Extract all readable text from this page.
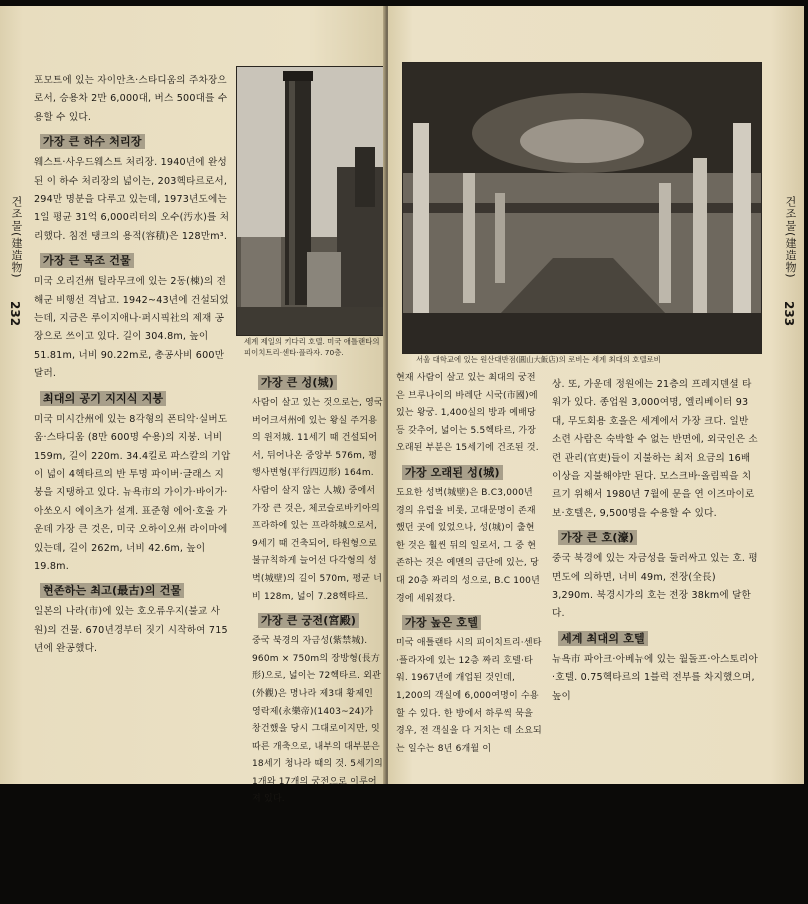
건조물(建造物)
232

포모트에 있는 자이안츠·스타디움의 주차장으로서, 승용차 2만 6,000대, 버스 500대를 수용할 수 있다.

가장 큰 하수 처리장

웨스트·사우드웨스트 처리장. 1940년에 완성된 이 하수 처리장의 넓이는, 203헥타르로서, 294만 명분을 다루고 있는데, 1973년도에는 1일 평균 31억 6,000리터의 오수(汚水)를 처리했다. 침전 탱크의 용적(容積)은 128만m³.

가장 큰 목조 건물

미국 오리건州 틸라무크에 있는 2동(棟)의 전 해군 비행선 격납고. 1942~43년에 건설되었는데, 지금은 루이지애나·퍼시픽社의 제재 공장으로 쓰이고 있다. 길이 304.8m, 높이 51.81m, 너비 90.22m로, 총공사비 600만달러.

최대의 공기 지지식 지붕

미국 미시간州에 있는 8각형의 폰티악·실버도움·스타디움 (8만 600명 수용)의 지붕. 너비 159m, 길이 220m. 34.4킬로 파스칼의 기압이 넓이 4헥타르의 반 투명 파이버·글래스 지붕을 지탱하고 있다. 뉴욕市의 가이가·바이가·아쏘오시 에이츠가 설계. 표준형 에어·호울 가운데 가장 큰 것은, 미국 오하이오州 라이마에 있는데, 길이 262m, 너비 42.6m, 높이 19.8m.

현존하는 최고(最古)의 건물

일본의 나라(市)에 있는 호오류우지(불교 사원)의 건물. 670년경부터 짓기 시작하여 715년에 완공했다.

세계 제일의 키다리 호텔. 미국 애틀랜타의 피이치트리·센타·플라자. 70층.
가장 큰 성(城)

사람이 살고 있는 것으로는, 영국 버어크셔州에 있는 왕실 주거용의 윈저城. 11세기 때 건설되어서, 뒤어나온 중앙부 576m, 평행사변형(平行四辺形) 164m. 사람이 살지 않는 人城) 중에서 가장 큰 것은, 체코슬로바키아의 프라하에 있는 프라하城으로서, 9세기 때 건축되어, 타원형으로 불규칙하게 늘어선 다각형의 성벽(城壁)의 길이 570m, 평균 너비 128m, 넓이 7.28헥타르.

가장 큰 궁전(宮殿)

중국 북경의 자금성(紫禁城). 960m × 750m의 장방형(長方形)으로, 넓이는 72헥타르. 외관(外觀)은 명나라 제3대 황제인 영락제(永樂帝)(1403~24)가 창건했을 당시 그대로이지만, 잇따른 개축으로, 내부의 대부분은 18세기 청나라 때의 것. 5세기의 1개와 17개의 궁전으로 이루어져 있다.

건조물(建造物)
233
서울 대학교에 있는 원산대반점(圓山大飯店)의 로비는 세계 최대의 호텔로비

현재 사람이 살고 있는 최대의 궁전은 브루나이의 바레단 시국(市國)에 있는 왕궁. 1,400실의 방과 예배당 등 갖추어, 넓이는 5.5헥타르, 가장 오래된 부분은 15세기에 건조된 것.

가장 오래된 성(城)

도요한 성벽(城壁)은 B.C3,000년 경의 유럽을 비롯, 고대문명이 존재했던 곳에 있었으나, 성(城)이 출현한 것은 훨씬 뒤의 일로서, 그 중 현존하는 것은 예멘의 금단에 있는, 당대 20층 짜리의 성으로, B.C 100년경에 세워졌다.

가장 높은 호텔

미국 애틀랜타 시의 피이치트리·센타·플라자에 있는 12층 짜리 호텔·타워. 1967년에 개업된 것인데, 1,200의 객실에 6,000여명이 수용할 수 있다. 한 방에서 하루씩 묵을 경우, 전 객실을 다 거치는 데 소요되는 일수는 8년 6개월 이

상. 또, 가운데 정원에는 21층의 프레지덴셜 타워가 있다. 종업원 3,000여명, 엘리베이터 93대, 무도회용 호올은 세계에서 가장 크다. 일반 소련 사람은 숙박할 수 없는 반면에, 외국인은 소련 관리(官吏)들이 지불하는 최저 요금의 16배 이상을 지불해야만 된다. 모스크바·올림픽을 치르기 위해서 1980년 7월에 문을 연 이즈마이로보·호텔은, 9,500명을 수용할 수 있다.

가장 큰 호(濠)

중국 북경에 있는 자금성을 둘러싸고 있는 호. 평면도에 의하면, 너비 49m, 전장(全長) 3,290m. 북경시가의 호는 전장 38km에 달한다.

세계 최대의 호텔

뉴욕市 파아크·아베뉴에 있는 월돌프·아스토리아·호텔. 0.75헥타르의 1블럭 전부를 차지했으며, 높이
